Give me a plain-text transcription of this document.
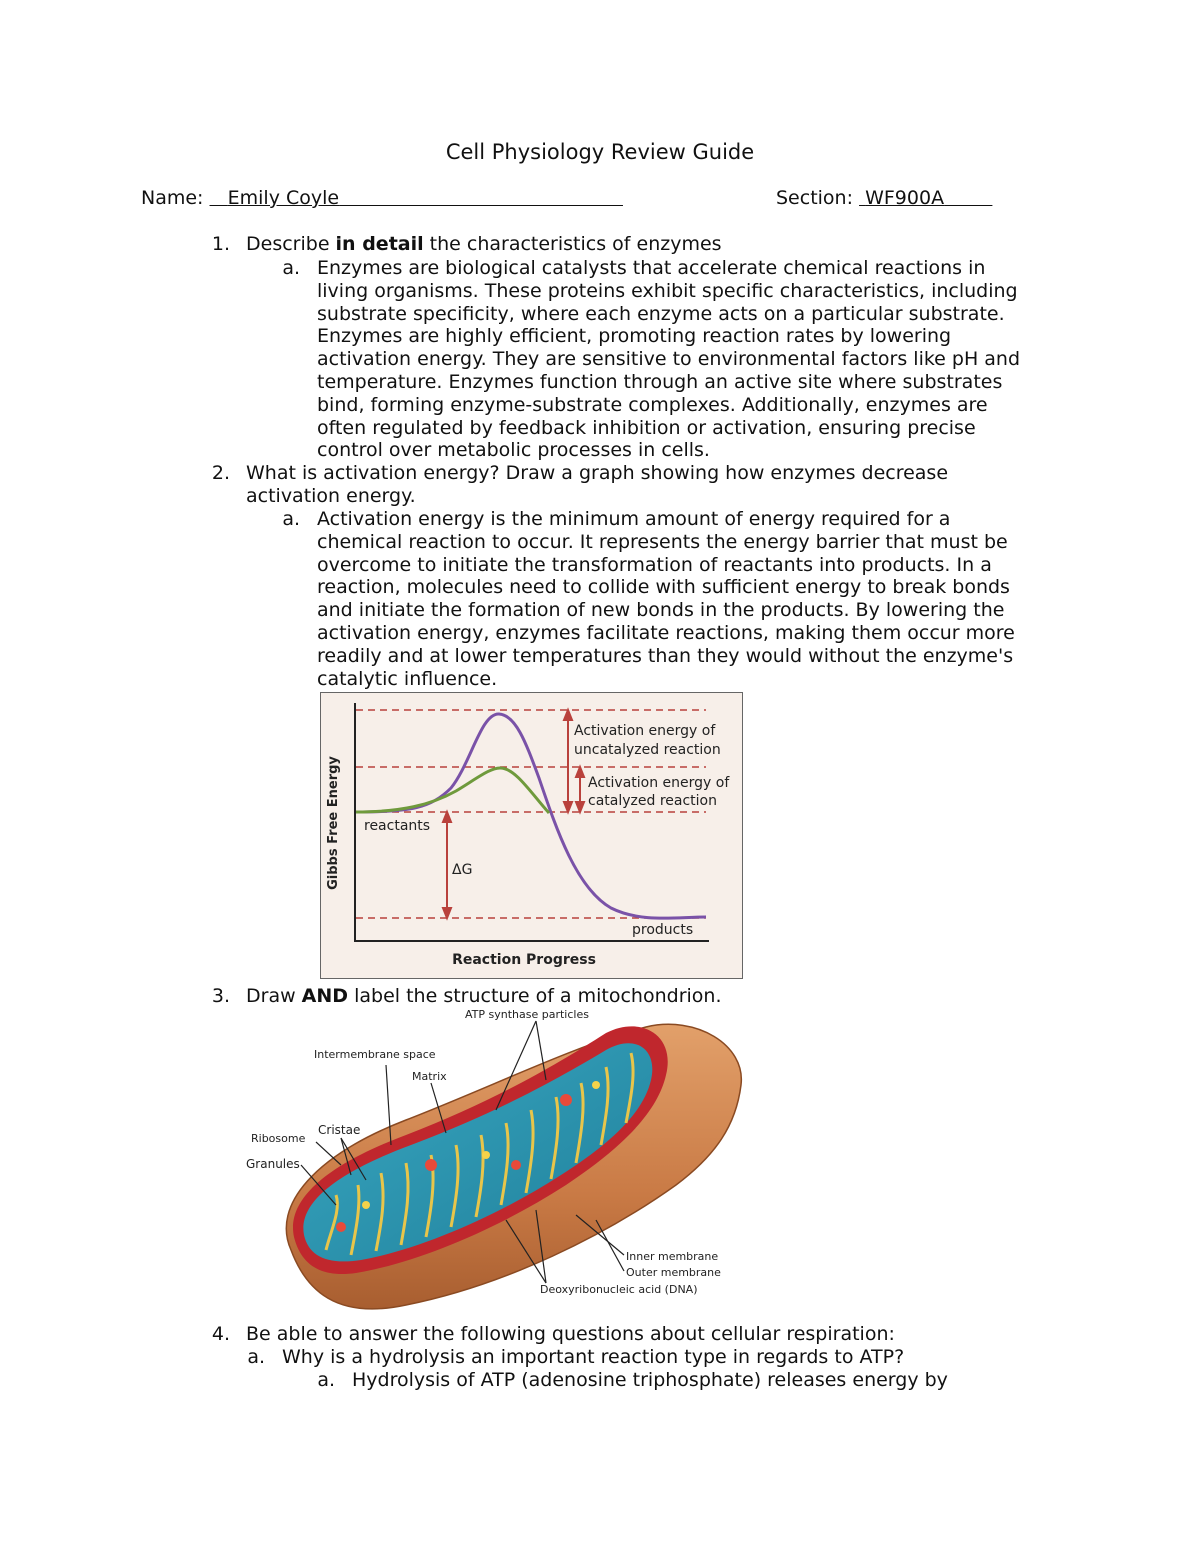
Cell Physiology Review Guide
Name: Emily Coyle	Section: WF900A
1. Describe in detail the characteristics of enzymes
a. Enzymes are biological catalysts that accelerate chemical reactions in
living organisms. These proteins exhibit specific characteristics, including
substrate specificity, where each enzyme acts on a particular substrate.
Enzymes are highly efficient, promoting reaction rates by lowering
activation energy. They are sensitive to environmental factors like pH and
temperature. Enzymes function through an active site where substrates
bind, forming enzyme-substrate complexes. Additionally, enzymes are
often regulated by feedback inhibition or activation, ensuring precise
control over metabolic processes in cells.
2. What is activation energy? Draw a graph showing how enzymes decrease
activation energy.
a. Activation energy is the minimum amount of energy required for a
chemical reaction to occur. It represents the energy barrier that must be
overcome to initiate the transformation of reactants into products. In a
reaction, molecules need to collide with sufficient energy to break bonds
and initiate the formation of new bonds in the products. By lowering the
activation energy, enzymes facilitate reactions, making them occur more
readily and at lower temperatures than they would without the enzyme's
catalytic influence.
Gibbs Free Energy
Reaction Progress
reactants
products
ΔG
Activation energy of
uncatalyzed reaction
Activation energy of
catalyzed reaction
3. Draw AND label the structure of a mitochondrion.
ATP synthase particles
Intermembrane space
Matrix
Cristae
Ribosome
Granules
Inner membrane
Outer membrane
Deoxyribonucleic acid (DNA)
4. Be able to answer the following questions about cellular respiration:
a. Why is a hydrolysis an important reaction type in regards to ATP?
a. Hydrolysis of ATP (adenosine triphosphate) releases energy by
